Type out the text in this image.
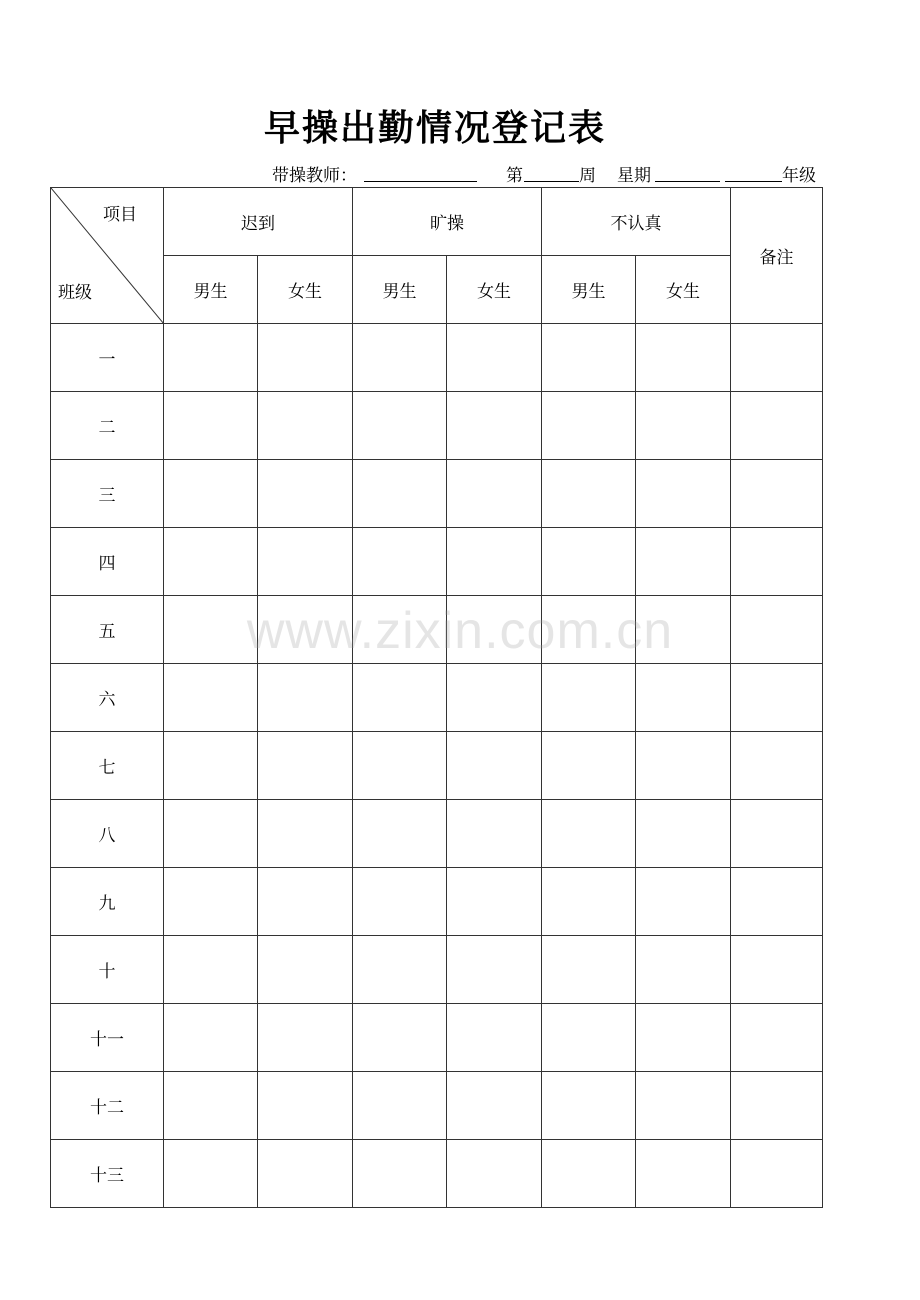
早操出勤情况登记表
带操教师：	第	周 星期	年级
项目
班级	迟到		旷操		不认真		备注
	男生	女生	男生	女生	男生	女生	
一							
二							
三							
四							
五							
六							
七							
八							
九							
十							
十一							
十二							
十三							
www.zixin.com.cn
